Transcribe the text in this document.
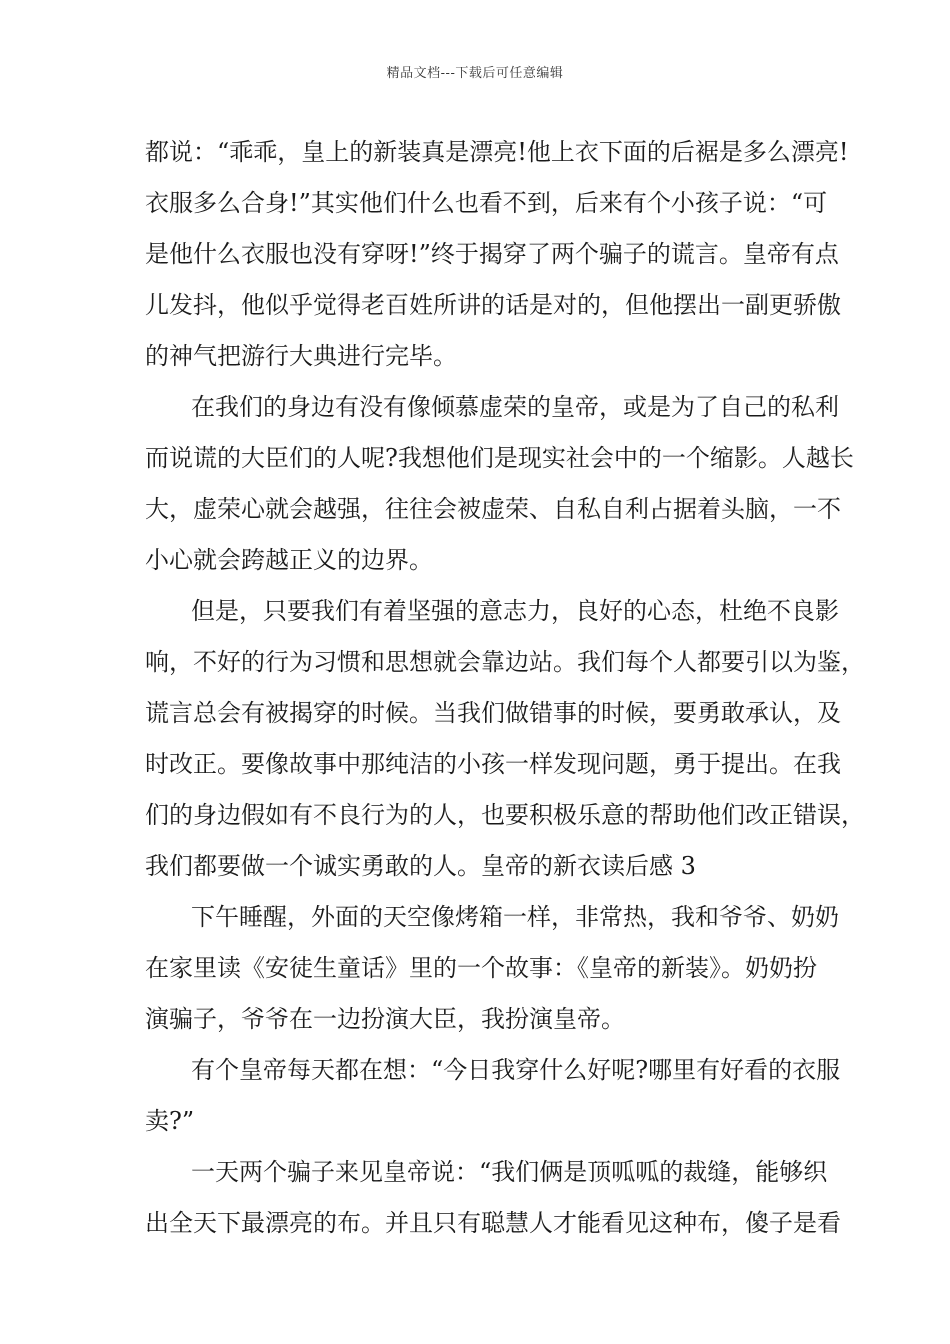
精品文档---下载后可任意编辑
都说：“乖乖，皇上的新装真是漂亮!他上衣下面的后裾是多么漂亮!
衣服多么合身!”其实他们什么也看不到，后来有个小孩子说：“可
是他什么衣服也没有穿呀!”终于揭穿了两个骗子的谎言。皇帝有点
儿发抖，他似乎觉得老百姓所讲的话是对的，但他摆出一副更骄傲
的神气把游行大典进行完毕。
在我们的身边有没有像倾慕虚荣的皇帝，或是为了自己的私利
而说谎的大臣们的人呢?我想他们是现实社会中的一个缩影。人越长
大，虚荣心就会越强，往往会被虚荣、自私自利占据着头脑，一不
小心就会跨越正义的边界。
但是，只要我们有着坚强的意志力，良好的心态，杜绝不良影
响，不好的行为习惯和思想就会靠边站。我们每个人都要引以为鉴，
谎言总会有被揭穿的时候。当我们做错事的时候，要勇敢承认，及
时改正。要像故事中那纯洁的小孩一样发现问题，勇于提出。在我
们的身边假如有不良行为的人，也要积极乐意的帮助他们改正错误，
我们都要做一个诚实勇敢的人。皇帝的新衣读后感 3
下午睡醒，外面的天空像烤箱一样，非常热，我和爷爷、奶奶
在家里读《安徒生童话》里的一个故事：《皇帝的新装》。奶奶扮
演骗子，爷爷在一边扮演大臣，我扮演皇帝。
有个皇帝每天都在想：“今日我穿什么好呢?哪里有好看的衣服
卖?”
一天两个骗子来见皇帝说：“我们俩是顶呱呱的裁缝，能够织
出全天下最漂亮的布。并且只有聪慧人才能看见这种布，傻子是看
